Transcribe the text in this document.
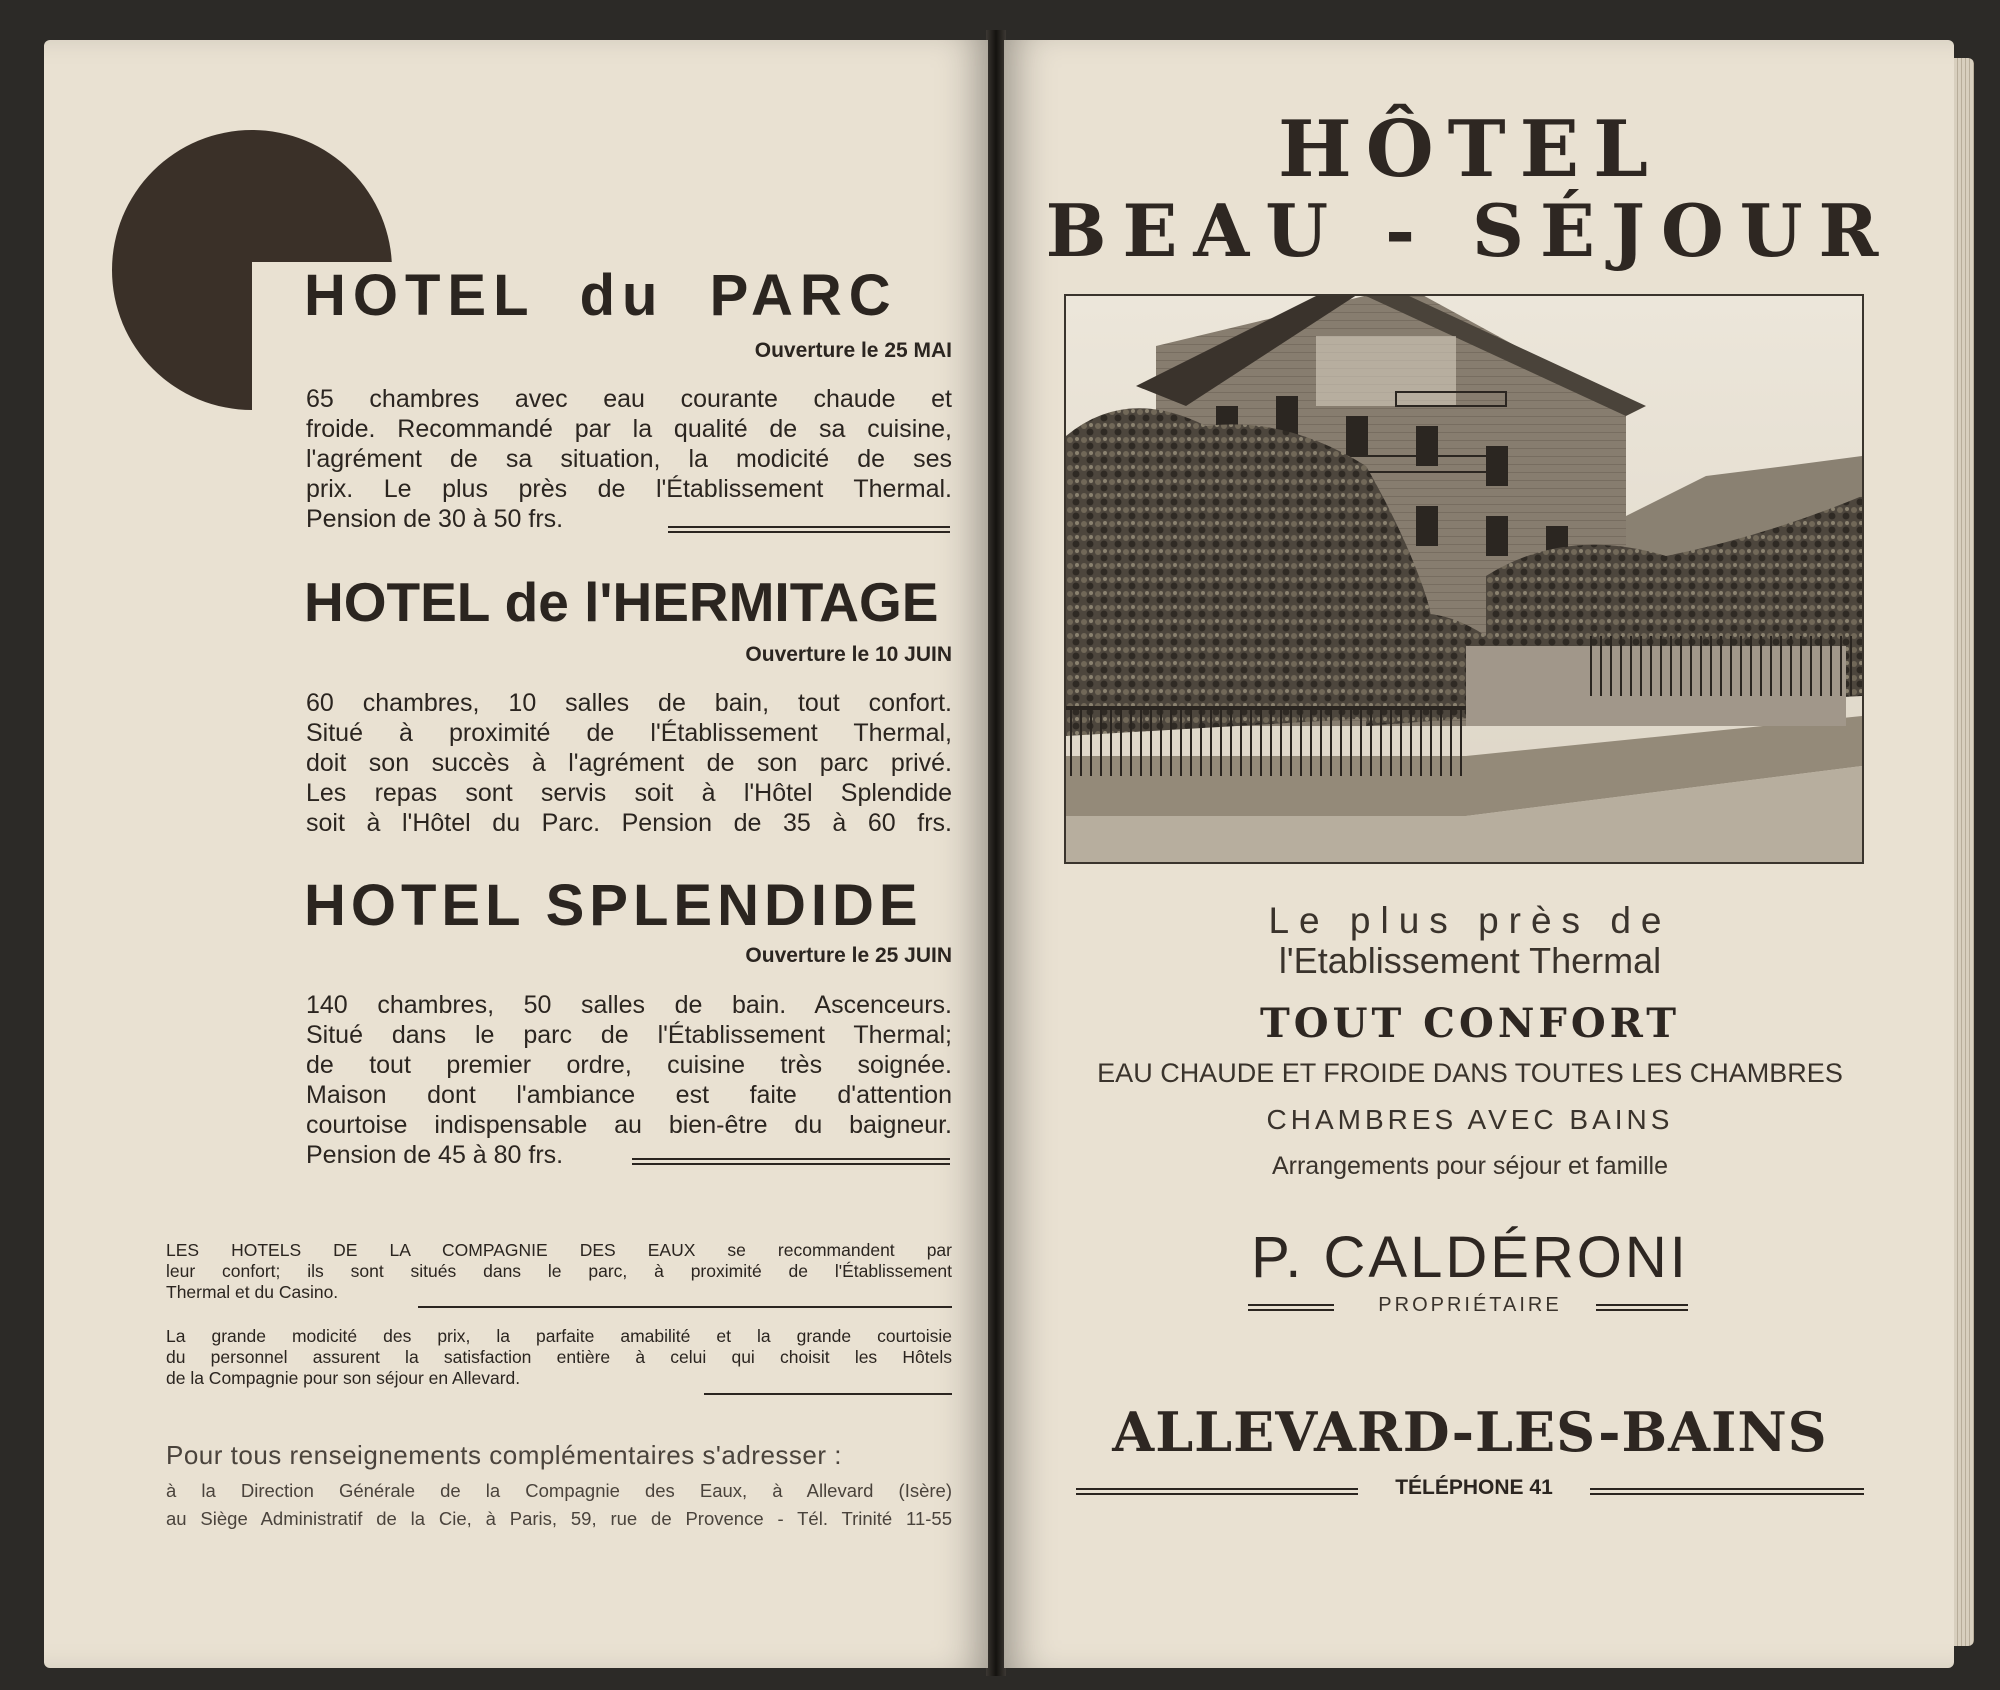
HOTEL du PARC
Ouverture le 25 MAI
65 chambres avec eau courante chaude et
froide. Recommandé par la qualité de sa cuisine,
l'agrément de sa situation, la modicité de ses
prix. Le plus près de l'Établissement Thermal.
Pension de 30 à 50 frs.
HOTEL de l'HERMITAGE
Ouverture le 10 JUIN
60 chambres, 10 salles de bain, tout confort.
Situé à proximité de l'Établissement Thermal,
doit son succès à l'agrément de son parc privé.
Les repas sont servis soit à l'Hôtel Splendide
soit à l'Hôtel du Parc. Pension de 35 à 60 frs.
HOTEL SPLENDIDE
Ouverture le 25 JUIN
140 chambres, 50 salles de bain. Ascenceurs.
Situé dans le parc de l'Établissement Thermal;
de tout premier ordre, cuisine très soignée.
Maison dont l'ambiance est faite d'attention
courtoise indispensable au bien-être du baigneur.
Pension de 45 à 80 frs.
LES HOTELS DE LA COMPAGNIE DES EAUX se recommandent par
leur confort; ils sont situés dans le parc, à proximité de l'Établissement
Thermal et du Casino.
La grande modicité des prix, la parfaite amabilité et la grande courtoisie
du personnel assurent la satisfaction entière à celui qui choisit les Hôtels
de la Compagnie pour son séjour en Allevard.
Pour tous renseignements complémentaires s'adresser :
à la Direction Générale de la Compagnie des Eaux, à Allevard (Isère)
au Siège Administratif de la Cie, à Paris, 59, rue de Provence - Tél. Trinité 11-55
HÔTEL
BEAU - SÉJOUR
Le plus près de
l'Etablissement Thermal
TOUT CONFORT
EAU CHAUDE ET FROIDE DANS TOUTES LES CHAMBRES
CHAMBRES AVEC BAINS
Arrangements pour séjour et famille
P. CALDÉRONI
PROPRIÉTAIRE
ALLEVARD-LES-BAINS
TÉLÉPHONE 41
